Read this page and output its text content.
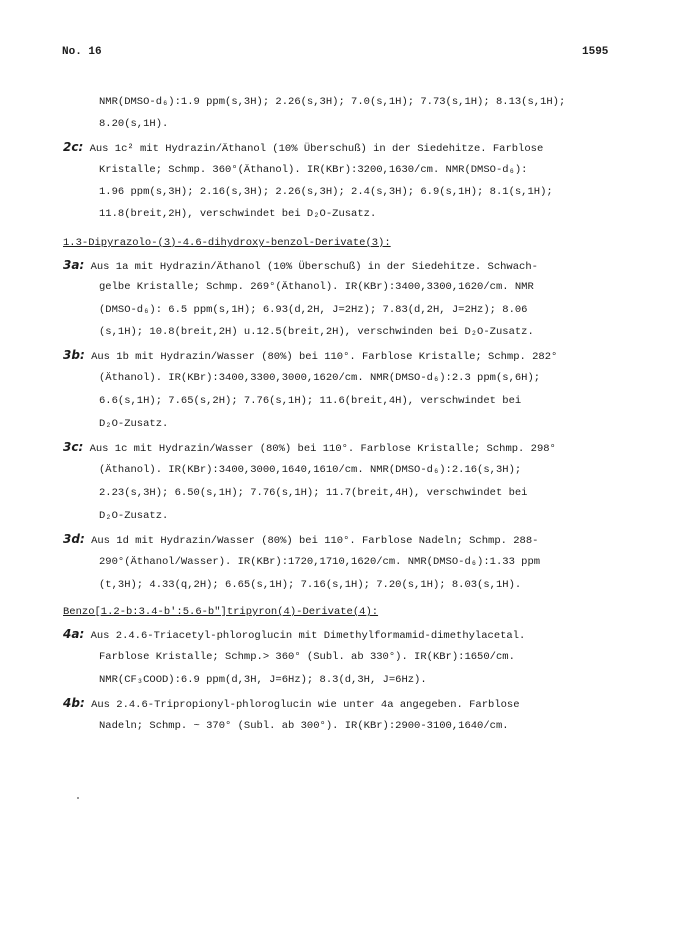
No. 16	1595
NMR(DMSO-d₆):1.9 ppm(s,3H); 2.26(s,3H); 7.0(s,1H); 7.73(s,1H); 8.13(s,1H);
8.20(s,1H).
2c: Aus 1c² mit Hydrazin/Äthanol (10% Überschuß) in der Siedehitze. Farblose
Kristalle; Schmp. 360°(Äthanol). IR(KBr):3200,1630/cm. NMR(DMSO-d₆):
1.96 ppm(s,3H); 2.16(s,3H); 2.26(s,3H); 2.4(s,3H); 6.9(s,1H); 8.1(s,1H);
11.8(breit,2H), verschwindet bei D₂O-Zusatz.
1.3-Dipyrazolo-(3)-4.6-dihydroxy-benzol-Derivate(3):
3a: Aus 1a mit Hydrazin/Äthanol (10% Überschuß) in der Siedehitze. Schwach-
gelbe Kristalle; Schmp. 269°(Äthanol). IR(KBr):3400,3300,1620/cm. NMR
(DMSO-d₆): 6.5 ppm(s,1H); 6.93(d,2H, J=2Hz); 7.83(d,2H, J=2Hz); 8.06
(s,1H); 10.8(breit,2H) u.12.5(breit,2H), verschwinden bei D₂O-Zusatz.
3b: Aus 1b mit Hydrazin/Wasser (80%) bei 110°. Farblose Kristalle; Schmp. 282°
(Äthanol). IR(KBr):3400,3300,3000,1620/cm. NMR(DMSO-d₆):2.3 ppm(s,6H);
6.6(s,1H); 7.65(s,2H); 7.76(s,1H); 11.6(breit,4H), verschwindet bei
D₂O-Zusatz.
3c: Aus 1c mit Hydrazin/Wasser (80%) bei 110°. Farblose Kristalle; Schmp. 298°
(Äthanol). IR(KBr):3400,3000,1640,1610/cm. NMR(DMSO-d₆):2.16(s,3H);
2.23(s,3H); 6.50(s,1H); 7.76(s,1H); 11.7(breit,4H), verschwindet bei
D₂O-Zusatz.
3d: Aus 1d mit Hydrazin/Wasser (80%) bei 110°. Farblose Nadeln; Schmp. 288-
290°(Äthanol/Wasser). IR(KBr):1720,1710,1620/cm. NMR(DMSO-d₆):1.33 ppm
(t,3H); 4.33(q,2H); 6.65(s,1H); 7.16(s,1H); 7.20(s,1H); 8.03(s,1H).
Benzo[1.2-b:3.4-b':5.6-b"]tripyron(4)-Derivate(4):
4a: Aus 2.4.6-Triacetyl-phloroglucin mit Dimethylformamid-dimethylacetal.
Farblose Kristalle; Schmp.> 360° (Subl. ab 330°). IR(KBr):1650/cm.
NMR(CF₃COOD):6.9 ppm(d,3H, J=6Hz); 8.3(d,3H, J=6Hz).
4b: Aus 2.4.6-Tripropionyl-phloroglucin wie unter 4a angegeben. Farblose
Nadeln; Schmp. ~ 370° (Subl. ab 300°). IR(KBr):2900-3100,1640/cm.
